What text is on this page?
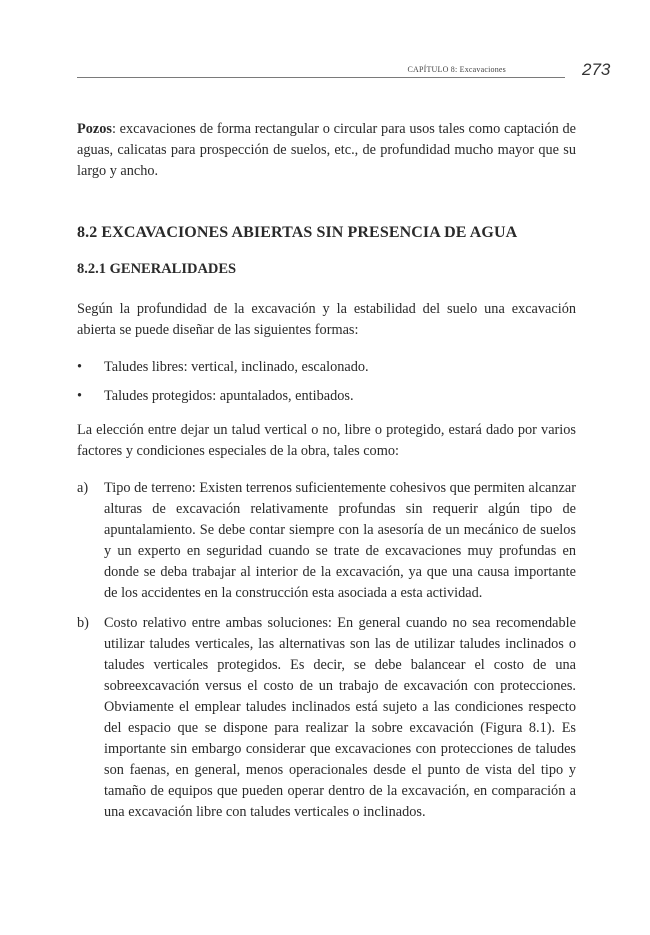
CAPÍTULO 8: Excavaciones	273

Pozos: excavaciones de forma rectangular o circular para usos tales como captación de aguas, calicatas para prospección de suelos, etc., de profundidad mucho mayor que su largo y ancho.

8.2 EXCAVACIONES ABIERTAS SIN PRESENCIA DE AGUA
8.2.1 GENERALIDADES

Según la profundidad de la excavación y la estabilidad del suelo una excavación abierta se puede diseñar de las siguientes formas:

• Taludes libres: vertical, inclinado, escalonado.
• Taludes protegidos: apuntalados, entibados.

La elección entre dejar un talud vertical o no, libre o protegido, estará dado por varios factores y condiciones especiales de la obra, tales como:

a) Tipo de terreno: Existen terrenos suficientemente cohesivos que permiten alcanzar alturas de excavación relativamente profundas sin requerir algún tipo de apuntalamiento. Se debe contar siempre con la asesoría de un mecánico de suelos y un experto en seguridad cuando se trate de excavaciones muy profundas en donde se deba trabajar al interior de la excavación, ya que una causa importante de los accidentes en la construcción esta asociada a esta actividad.
b) Costo relativo entre ambas soluciones: En general cuando no sea recomendable utilizar taludes verticales, las alternativas son las de utilizar taludes inclinados o taludes verticales protegidos. Es decir, se debe balancear el costo de una sobreexcavación versus el costo de un trabajo de excavación con protecciones. Obviamente el emplear taludes inclinados está sujeto a las condiciones respecto del espacio que se dispone para realizar la sobre excavación (Figura 8.1). Es importante sin embargo considerar que excavaciones con protecciones de taludes son faenas, en general, menos operacionales desde el punto de vista del tipo y tamaño de equipos que pueden operar dentro de la excavación, en comparación a una excavación libre con taludes verticales o inclinados.
